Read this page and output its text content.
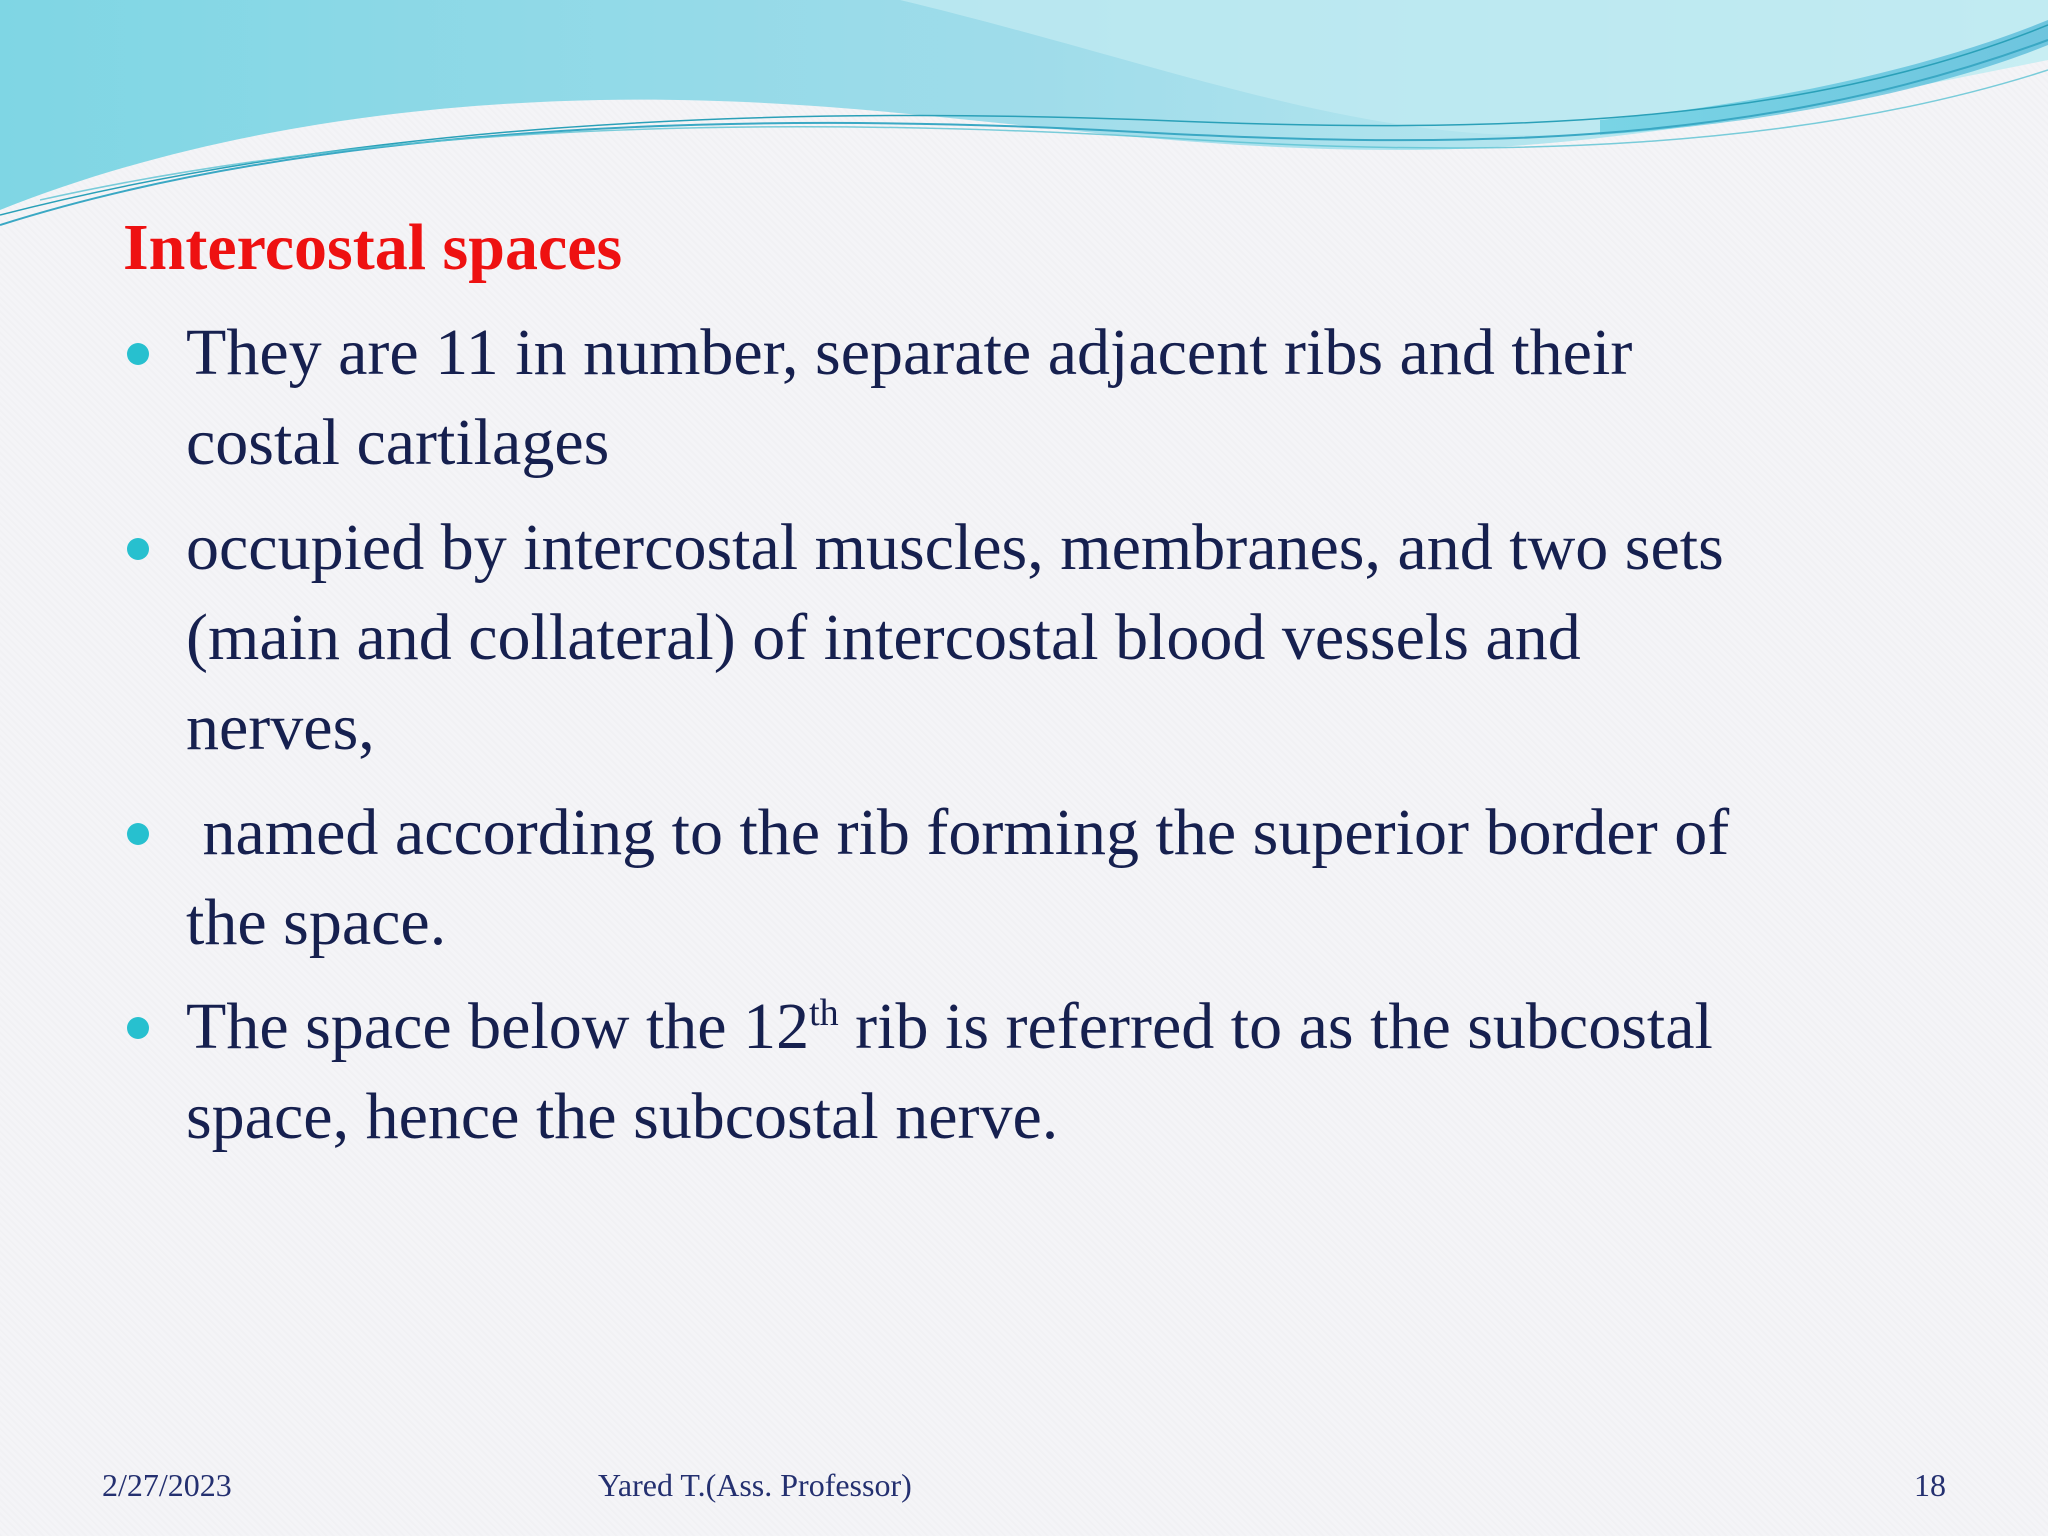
Intercostal spaces
They are 11 in number, separate adjacent ribs and their
costal cartilages
occupied by intercostal muscles, membranes, and two sets
(main and collateral) of intercostal blood vessels and
nerves,
named according to the rib forming the superior border of
the space.
The space below the 12th rib is referred to as the subcostal
space, hence the subcostal nerve.
2/27/2023	Yared T.(Ass. Professor)	18
